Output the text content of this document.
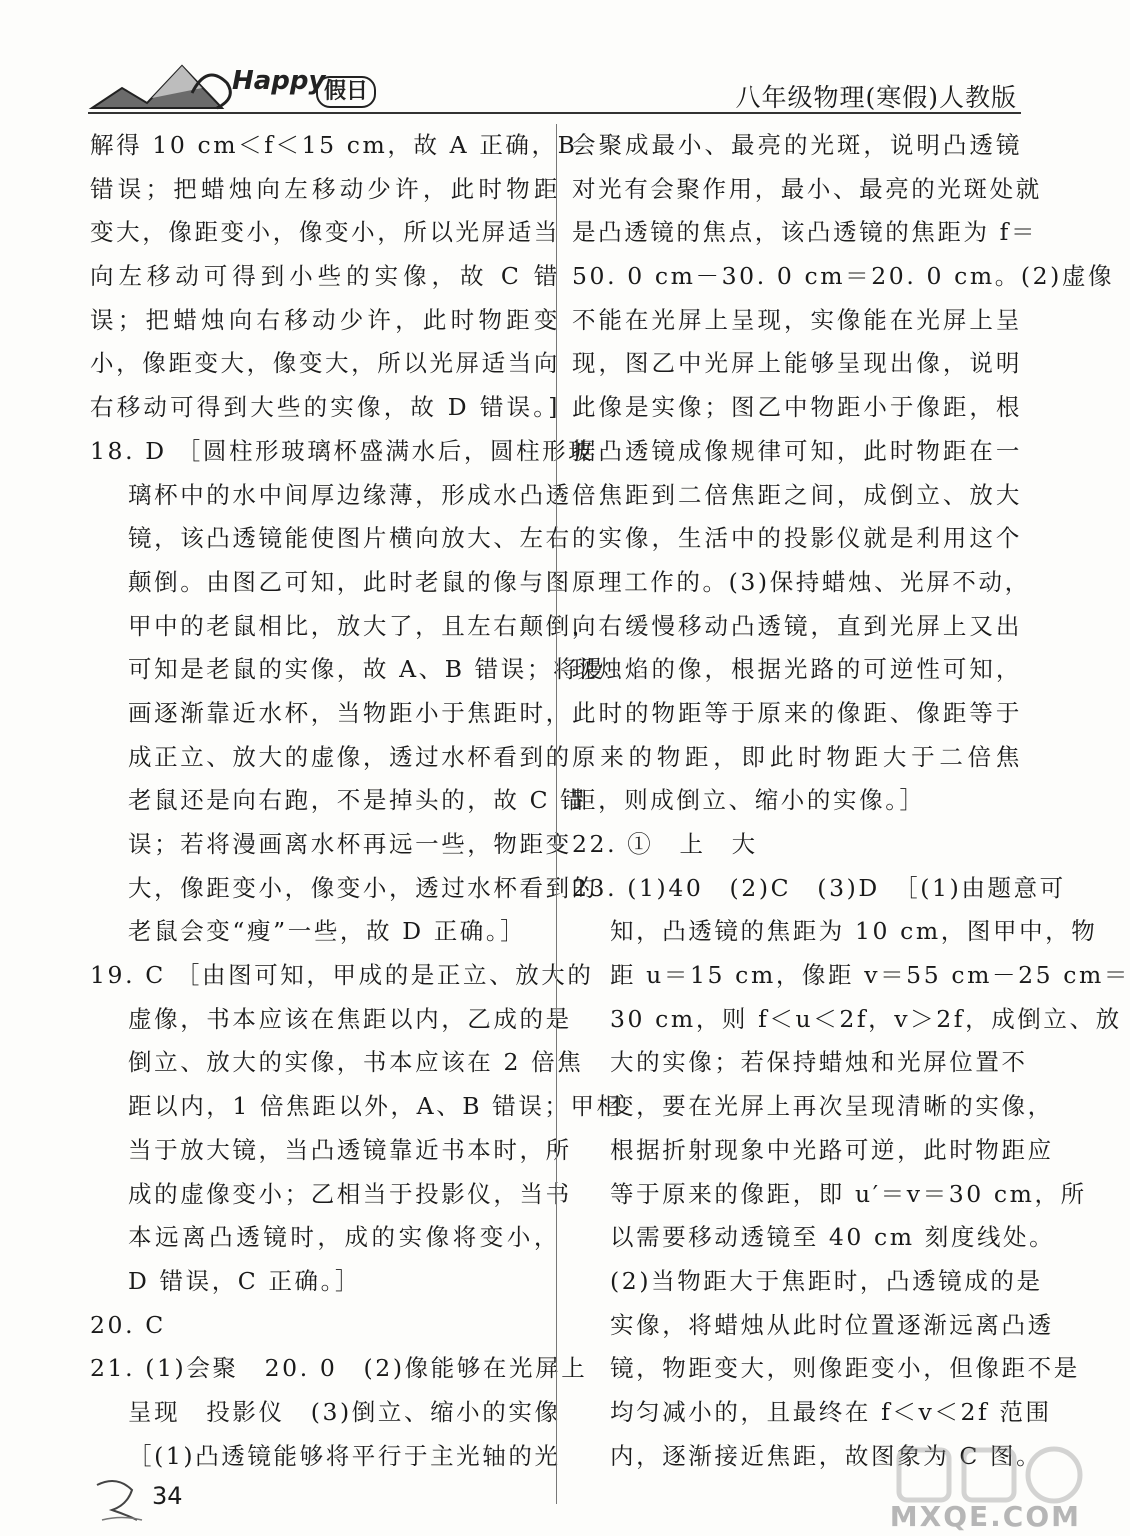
Happy
假日	八年级物理(寒假)人教版
解得 10 cm＜f＜15 cm，故 A 正确，B
错误；把蜡烛向左移动少许，此时物距
变大，像距变小，像变小，所以光屏适当
向左移动可得到小些的实像，故 C 错
误；把蜡烛向右移动少许，此时物距变
小，像距变大，像变大，所以光屏适当向
右移动可得到大些的实像，故 D 错误。]
18. D ［圆柱形玻璃杯盛满水后，圆柱形玻
璃杯中的水中间厚边缘薄，形成水凸透
镜，该凸透镜能使图片横向放大、左右
颠倒。由图乙可知，此时老鼠的像与图
甲中的老鼠相比，放大了，且左右颠倒，
可知是老鼠的实像，故 A、B 错误；将漫
画逐渐靠近水杯，当物距小于焦距时，
成正立、放大的虚像，透过水杯看到的
老鼠还是向右跑，不是掉头的，故 C 错
误；若将漫画离水杯再远一些，物距变
大，像距变小，像变小，透过水杯看到的
老鼠会变“瘦”一些，故 D 正确。］
19. C ［由图可知，甲成的是正立、放大的
虚像，书本应该在焦距以内，乙成的是
倒立、放大的实像，书本应该在 2 倍焦
距以内，1 倍焦距以外，A、B 错误；甲相
当于放大镜，当凸透镜靠近书本时，所
成的虚像变小；乙相当于投影仪，当书
本远离凸透镜时，成的实像将变小，
D 错误，C 正确。］
20. C
21. (1)会聚　20. 0　(2)像能够在光屏上
呈现　投影仪　(3)倒立、缩小的实像
［(1)凸透镜能够将平行于主光轴的光
会聚成最小、最亮的光斑，说明凸透镜
对光有会聚作用，最小、最亮的光斑处就
是凸透镜的焦点，该凸透镜的焦距为 f＝
50. 0 cm－30. 0 cm＝20. 0 cm。(2)虚像
不能在光屏上呈现，实像能在光屏上呈
现，图乙中光屏上能够呈现出像，说明
此像是实像；图乙中物距小于像距，根
据凸透镜成像规律可知，此时物距在一
倍焦距到二倍焦距之间，成倒立、放大
的实像，生活中的投影仪就是利用这个
原理工作的。(3)保持蜡烛、光屏不动，
向右缓慢移动凸透镜，直到光屏上又出
现烛焰的像，根据光路的可逆性可知，
此时的物距等于原来的像距、像距等于
原来的物距，即此时物距大于二倍焦
距，则成倒立、缩小的实像。］
22. ①　上　大
23. (1)40　(2)C　(3)D　［(1)由题意可
知，凸透镜的焦距为 10 cm，图甲中，物
距 u＝15 cm，像距 v＝55 cm－25 cm＝
30 cm，则 f＜u＜2f，v＞2f，成倒立、放
大的实像；若保持蜡烛和光屏位置不
变，要在光屏上再次呈现清晰的实像，
根据折射现象中光路可逆，此时物距应
等于原来的像距，即 u′＝v＝30 cm，所
以需要移动透镜至 40 cm 刻度线处。
(2)当物距大于焦距时，凸透镜成的是
实像，将蜡烛从此时位置逐渐远离凸透
镜，物距变大，则像距变小，但像距不是
均匀减小的，且最终在 f＜v＜2f 范围
内，逐渐接近焦距，故图象为 C 图。
34
MXQE.COM
